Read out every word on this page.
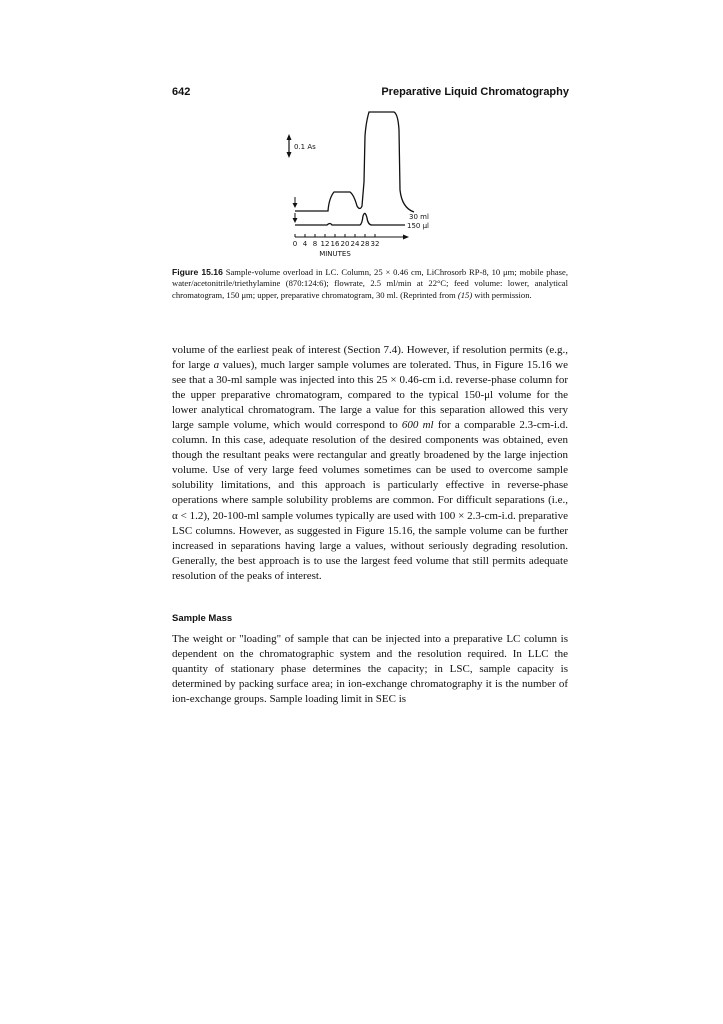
642	Preparative Liquid Chromatography
0.1 As
30 ml
150 μl
0 4 8 12 16 20 24 28 32
MINUTES
Figure 15.16 Sample-volume overload in LC. Column, 25 × 0.46 cm, LiChrosorb RP-8, 10 μm; mobile phase, water/acetonitrile/triethylamine (870:124:6); flowrate, 2.5 ml/min at 22°C; feed volume: lower, analytical chromatogram, 150 μm; upper, preparative chromatogram, 30 ml. (Reprinted from (15) with permission.

volume of the earliest peak of interest (Section 7.4). However, if resolution permits (e.g., for large a values), much larger sample volumes are tolerated. Thus, in Figure 15.16 we see that a 30-ml sample was injected into this 25 × 0.46-cm i.d. reverse-phase column for the upper preparative chromatogram, compared to the typical 150-μl volume for the lower analytical chromatogram. The large a value for this separation allowed this very large sample volume, which would correspond to 600 ml for a comparable 2.3-cm-i.d. column. In this case, adequate resolution of the desired components was obtained, even though the resultant peaks were rectangular and greatly broadened by the large injection volume. Use of very large feed volumes sometimes can be used to overcome sample solubility limitations, and this approach is particularly effective in reverse-phase operations where sample solubility problems are common. For difficult separations (i.e., α < 1.2), 20-100-ml sample volumes typically are used with 100 × 2.3-cm-i.d. preparative LSC columns. However, as suggested in Figure 15.16, the sample volume can be further increased in separations having large a values, without seriously degrading resolution. Generally, the best approach is to use the largest feed volume that still permits adequate resolution of the peaks of interest.

Sample Mass

The weight or "loading" of sample that can be injected into a preparative LC column is dependent on the chromatographic system and the resolution required. In LLC the quantity of stationary phase determines the capacity; in LSC, sample capacity is determined by packing surface area; in ion-exchange chromatography it is the number of ion-exchange groups. Sample loading limit in SEC is
